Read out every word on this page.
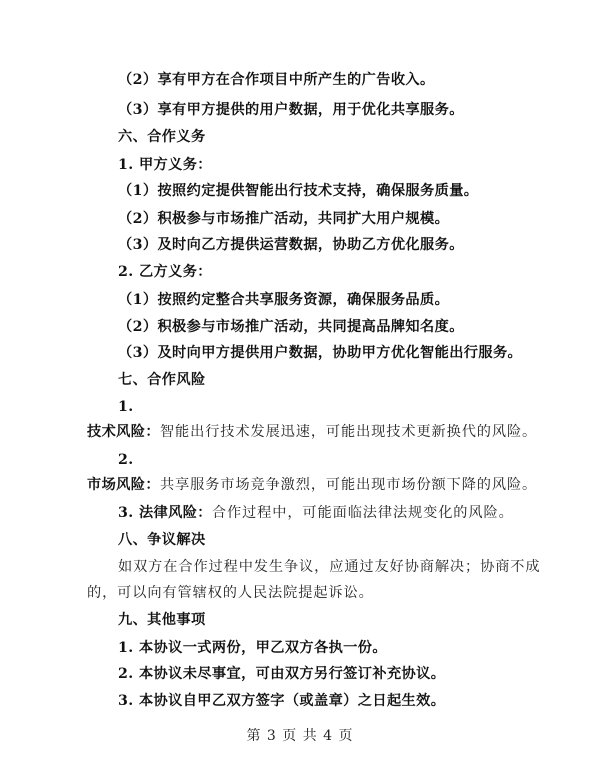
（2）享有甲方在合作项目中所产生的广告收入。
（3）享有甲方提供的用户数据，用于优化共享服务。
六、合作义务
1. 甲方义务：
（1）按照约定提供智能出行技术支持，确保服务质量。
（2）积极参与市场推广活动，共同扩大用户规模。
（3）及时向乙方提供运营数据，协助乙方优化服务。
2. 乙方义务：
（1）按照约定整合共享服务资源，确保服务品质。
（2）积极参与市场推广活动，共同提高品牌知名度。
（3）及时向甲方提供用户数据，协助甲方优化智能出行服务。
七、合作风险
1.
技术风险：智能出行技术发展迅速，可能出现技术更新换代的风险。
2.
市场风险：共享服务市场竞争激烈，可能出现市场份额下降的风险。
3. 法律风险：合作过程中，可能面临法律法规变化的风险。
八、争议解决
如双方在合作过程中发生争议，应通过友好协商解决；协商不成
的，可以向有管辖权的人民法院提起诉讼。
九、其他事项
1. 本协议一式两份，甲乙双方各执一份。
2. 本协议未尽事宜，可由双方另行签订补充协议。
3. 本协议自甲乙双方签字（或盖章）之日起生效。
第 3 页 共 4 页
